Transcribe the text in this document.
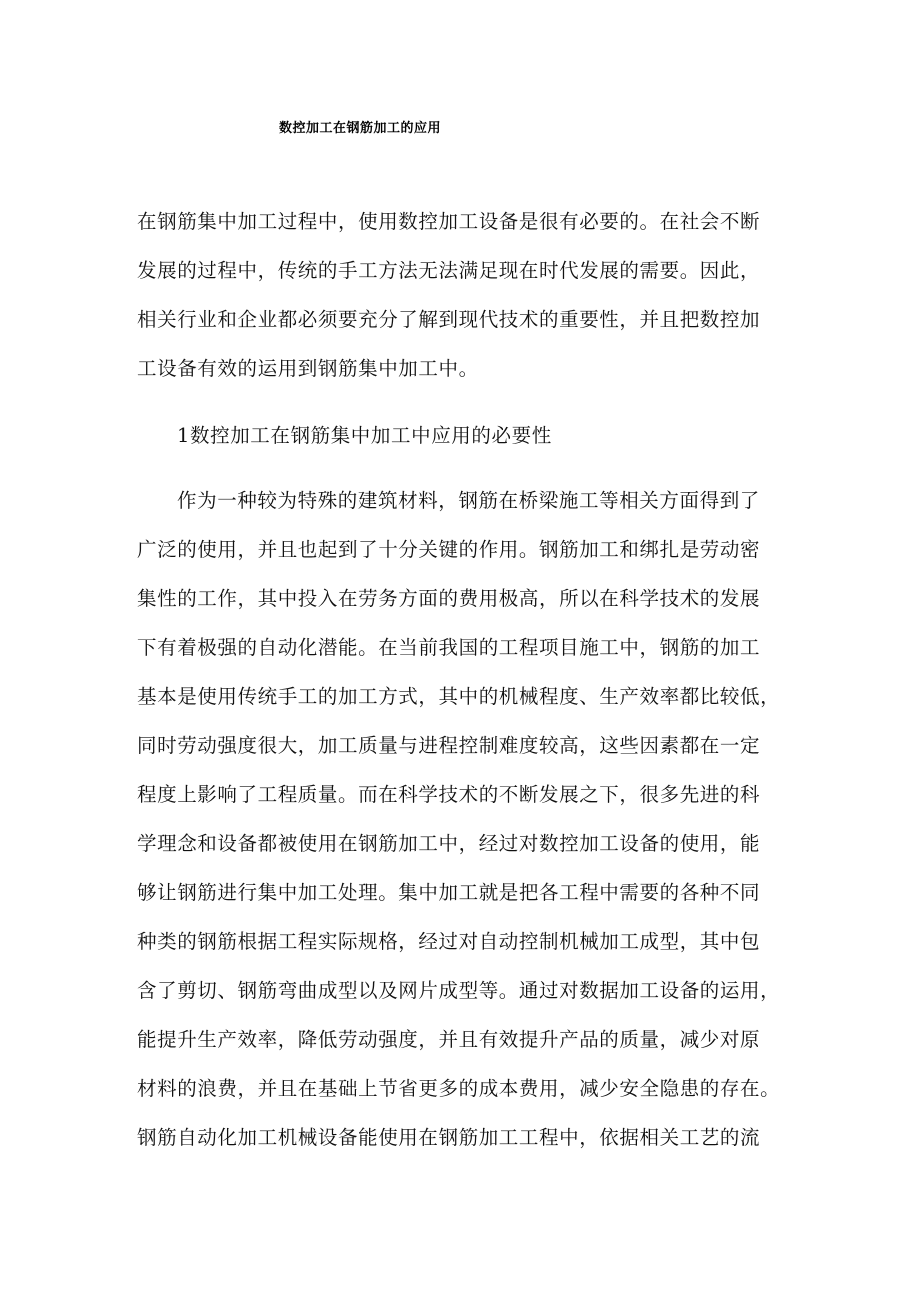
数控加工在钢筋加工的应用
在钢筋集中加工过程中，使用数控加工设备是很有必要的。在社会不断
发展的过程中，传统的手工方法无法满足现在时代发展的需要。因此，
相关行业和企业都必须要充分了解到现代技术的重要性，并且把数控加
工设备有效的运用到钢筋集中加工中。
1数控加工在钢筋集中加工中应用的必要性
作为一种较为特殊的建筑材料，钢筋在桥梁施工等相关方面得到了
广泛的使用，并且也起到了十分关键的作用。钢筋加工和绑扎是劳动密
集性的工作，其中投入在劳务方面的费用极高，所以在科学技术的发展
下有着极强的自动化潜能。在当前我国的工程项目施工中，钢筋的加工
基本是使用传统手工的加工方式，其中的机械程度、生产效率都比较低，
同时劳动强度很大，加工质量与进程控制难度较高，这些因素都在一定
程度上影响了工程质量。而在科学技术的不断发展之下，很多先进的科
学理念和设备都被使用在钢筋加工中，经过对数控加工设备的使用，能
够让钢筋进行集中加工处理。集中加工就是把各工程中需要的各种不同
种类的钢筋根据工程实际规格，经过对自动控制机械加工成型，其中包
含了剪切、钢筋弯曲成型以及网片成型等。通过对数据加工设备的运用，
能提升生产效率，降低劳动强度，并且有效提升产品的质量，减少对原
材料的浪费，并且在基础上节省更多的成本费用，减少安全隐患的存在。
钢筋自动化加工机械设备能使用在钢筋加工工程中，依据相关工艺的流
